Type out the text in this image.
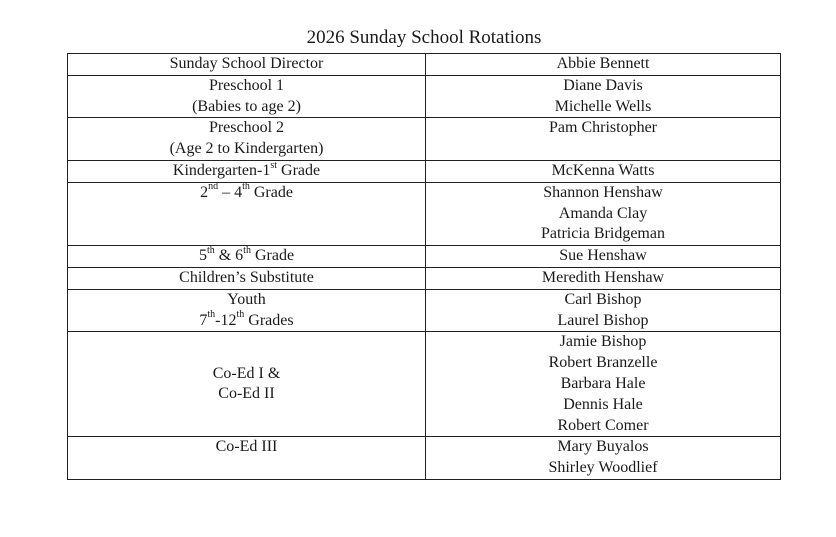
2026 Sunday School Rotations
Sunday School Director	Abbie Bennett

Preschool 1
(Babies to age 2)	Diane Davis
Michelle Wells

Preschool 2
(Age 2 to Kindergarten)	Pam Christopher

Kindergarten-1st Grade	McKenna Watts

2nd – 4th Grade	Shannon Henshaw
Amanda Clay
Patricia Bridgeman

5th & 6th Grade	Sue Henshaw

Children’s Substitute	Meredith Henshaw

Youth
7th-12th Grades	Carl Bishop
Laurel Bishop

Co-Ed I &
Co-Ed II	Jamie Bishop
Robert Branzelle
Barbara Hale
Dennis Hale
Robert Comer

Co-Ed III	Mary Buyalos
Shirley Woodlief
